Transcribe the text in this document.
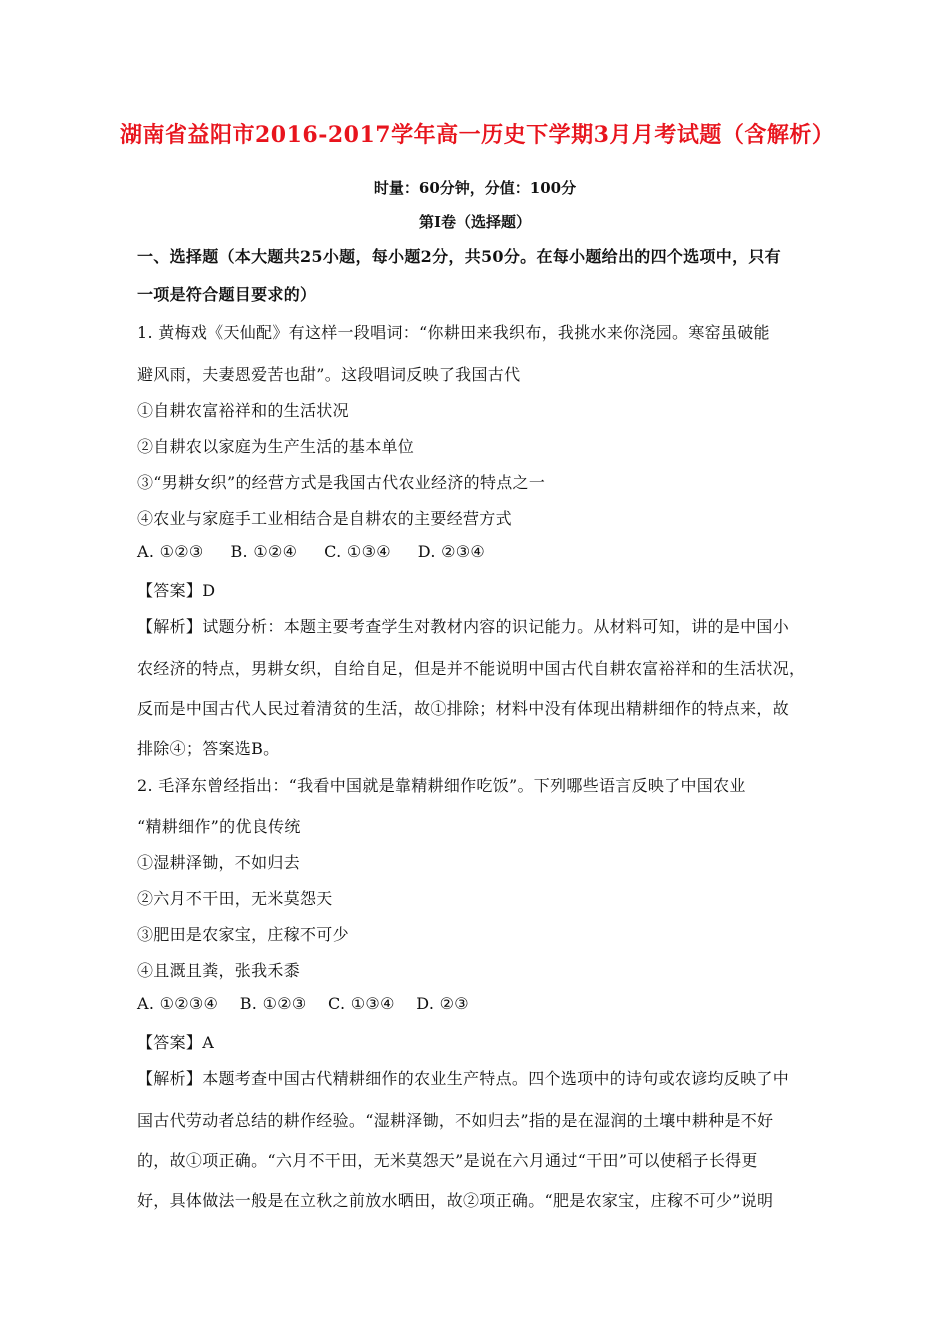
湖南省益阳市2016-2017学年高一历史下学期3月月考试题（含解析）
时量：60分钟，分值：100分
第Ⅰ卷（选择题）
一、选择题（本大题共25小题，每小题2分，共50分。在每小题给出的四个选项中，只有
一项是符合题目要求的）
1. 黄梅戏《天仙配》有这样一段唱词：“你耕田来我织布，我挑水来你浇园。寒窑虽破能
避风雨，夫妻恩爱苦也甜”。这段唱词反映了我国古代
①自耕农富裕祥和的生活状况
②自耕农以家庭为生产生活的基本单位
③“男耕女织”的经营方式是我国古代农业经济的特点之一
④农业与家庭手工业相结合是自耕农的主要经营方式
A. ①②③     B. ①②④     C. ①③④     D. ②③④
【答案】D
【解析】试题分析：本题主要考查学生对教材内容的识记能力。从材料可知，讲的是中国小
农经济的特点，男耕女织，自给自足，但是并不能说明中国古代自耕农富裕祥和的生活状况，
反而是中国古代人民过着清贫的生活，故①排除；材料中没有体现出精耕细作的特点来，故
排除④；答案选B。
2. 毛泽东曾经指出：“我看中国就是靠精耕细作吃饭”。下列哪些语言反映了中国农业
“精耕细作”的优良传统
①湿耕泽锄，不如归去
②六月不干田，无米莫怨天
③肥田是农家宝，庄稼不可少
④且溉且粪，张我禾黍
A. ①②③④    B. ①②③    C. ①③④    D. ②③
【答案】A
【解析】本题考查中国古代精耕细作的农业生产特点。四个选项中的诗句或农谚均反映了中
国古代劳动者总结的耕作经验。“湿耕泽锄，不如归去”指的是在湿润的土壤中耕种是不好
的，故①项正确。“六月不干田，无米莫怨天”是说在六月通过“干田”可以使稻子长得更
好，具体做法一般是在立秋之前放水晒田，故②项正确。“肥是农家宝，庄稼不可少”说明
